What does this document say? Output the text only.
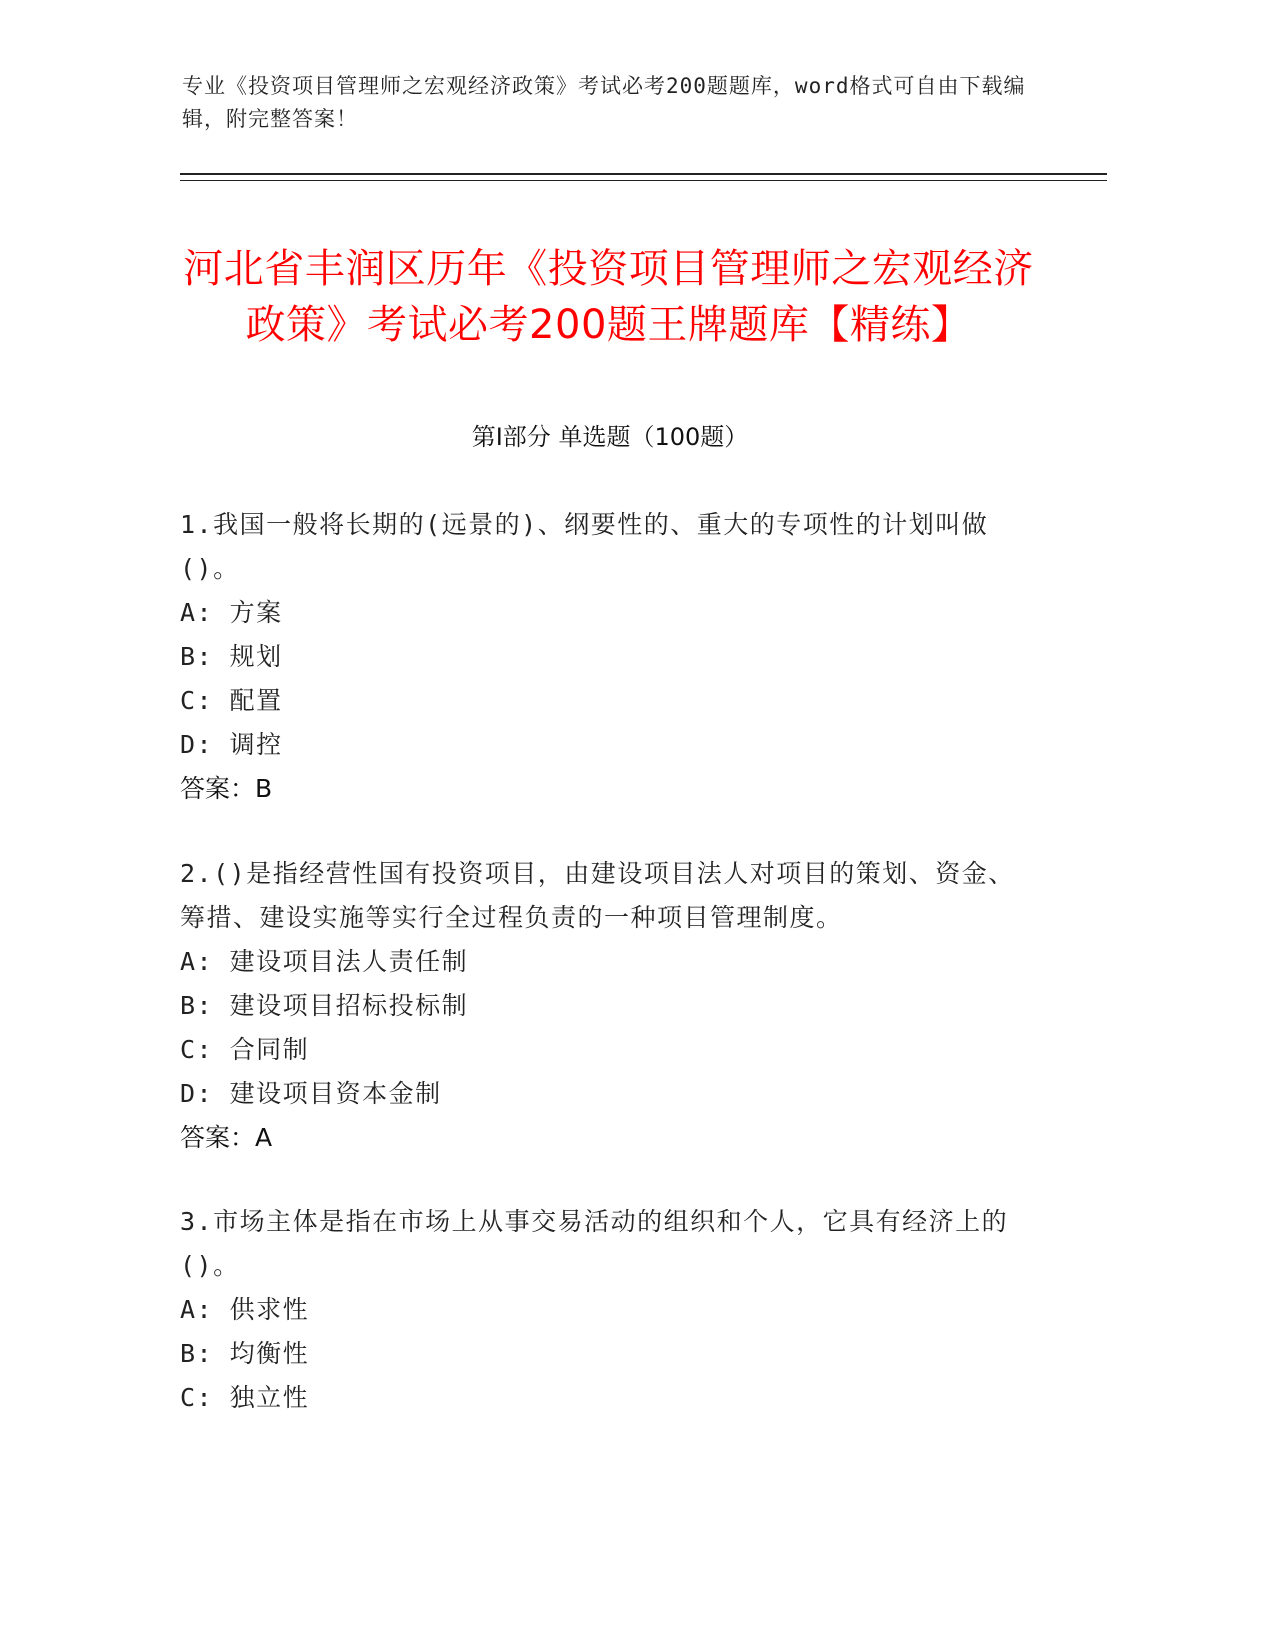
专业《投资项目管理师之宏观经济政策》考试必考200题题库，word格式可自由下载编辑，附完整答案！
河北省丰润区历年《投资项目管理师之宏观经济政策》考试必考200题王牌题库【精练】
第I部分 单选题（100题）
1.我国一般将长期的(远景的)、纲要性的、重大的专项性的计划叫做()。
A: 方案
B: 规划
C: 配置
D: 调控
答案：B
2.()是指经营性国有投资项目，由建设项目法人对项目的策划、资金、筹措、建设实施等实行全过程负责的一种项目管理制度。
A: 建设项目法人责任制
B: 建设项目招标投标制
C: 合同制
D: 建设项目资本金制
答案：A
3.市场主体是指在市场上从事交易活动的组织和个人，它具有经济上的()。
A: 供求性
B: 均衡性
C: 独立性
